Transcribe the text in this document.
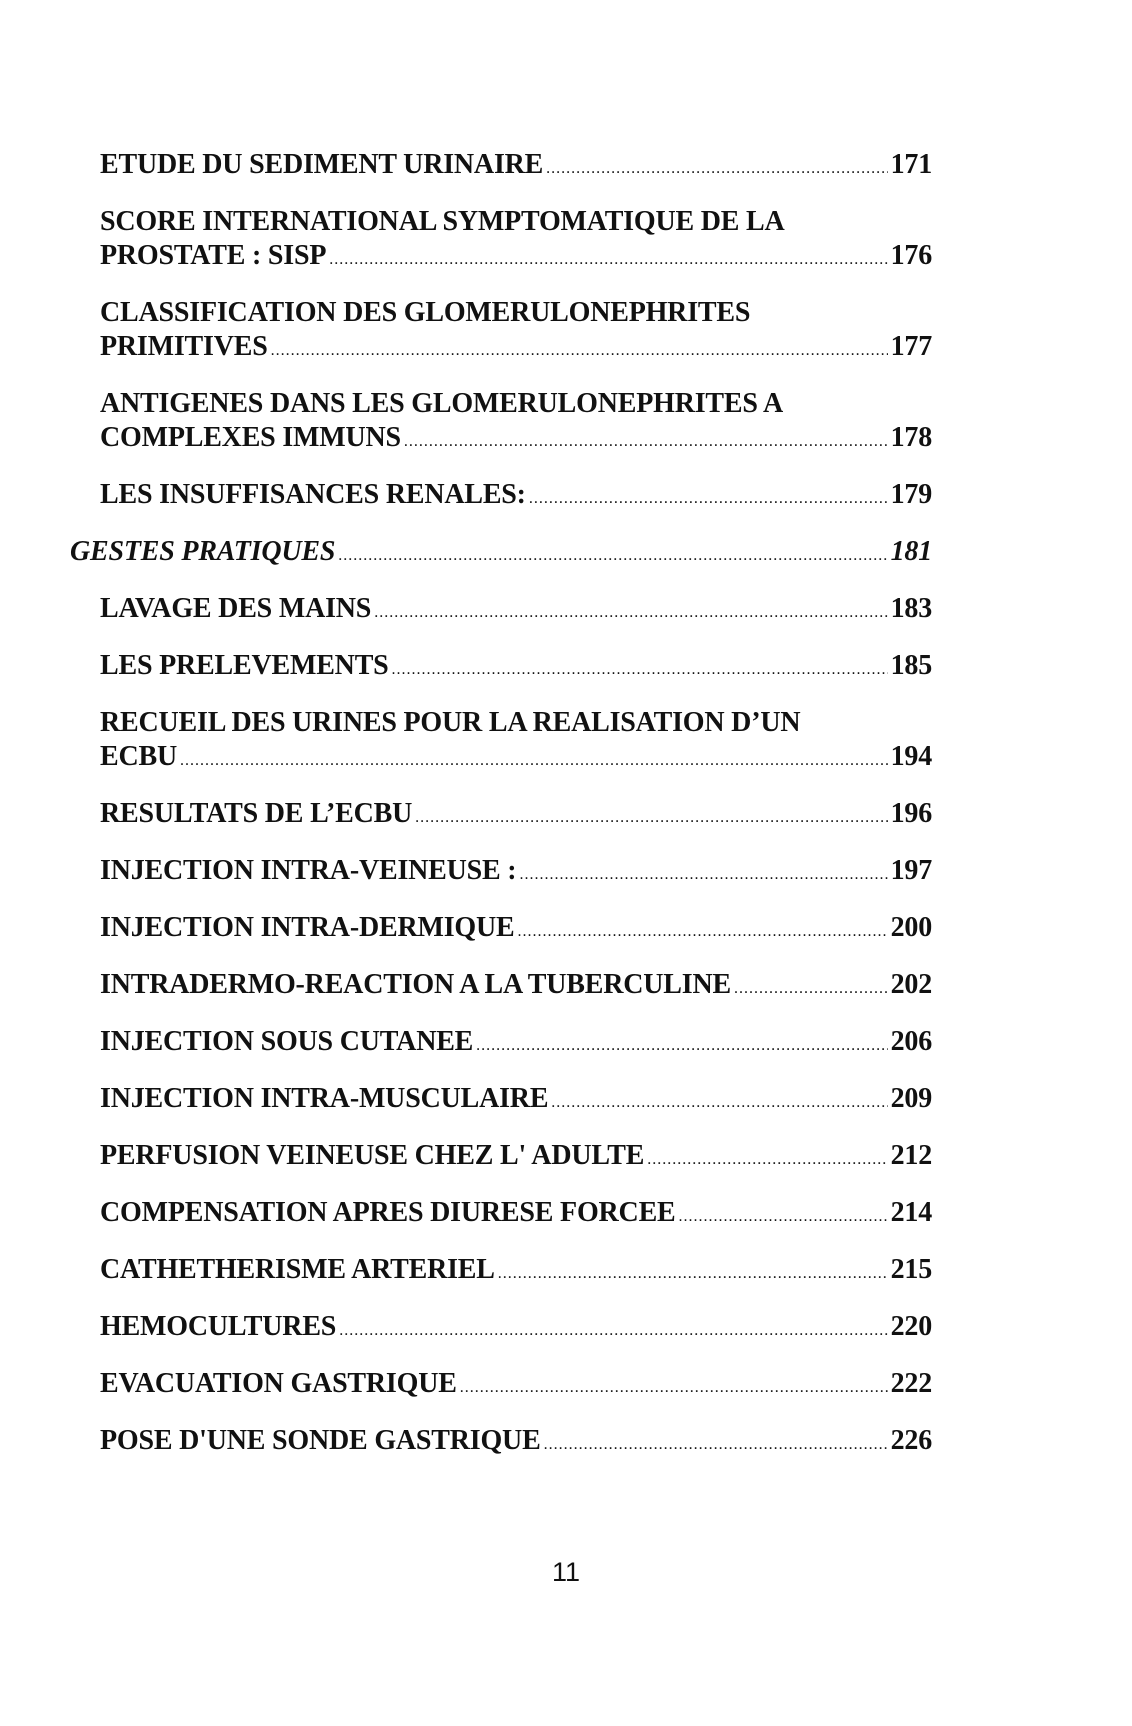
ETUDE DU SEDIMENT URINAIRE .....	171
SCORE INTERNATIONAL SYMPTOMATIQUE DE LA
PROSTATE : SISP .....	176
CLASSIFICATION DES GLOMERULONEPHRITES
PRIMITIVES .....	177
ANTIGENES DANS LES GLOMERULONEPHRITES A
COMPLEXES IMMUNS .....	178
LES INSUFFISANCES RENALES: .....	179
GESTES PRATIQUES .....	181
LAVAGE DES MAINS .....	183
LES PRELEVEMENTS .....	185
RECUEIL DES URINES POUR LA REALISATION D’UN
ECBU .....	194
RESULTATS DE L’ECBU .....	196
INJECTION INTRA-VEINEUSE : .....	197
INJECTION INTRA-DERMIQUE .....	200
INTRADERMO-REACTION A LA TUBERCULINE .....	202
INJECTION SOUS CUTANEE .....	206
INJECTION INTRA-MUSCULAIRE .....	209
PERFUSION VEINEUSE CHEZ L' ADULTE .....	212
COMPENSATION APRES DIURESE FORCEE .....	214
CATHETHERISME ARTERIEL .....	215
HEMOCULTURES .....	220
EVACUATION GASTRIQUE .....	222
POSE D'UNE SONDE GASTRIQUE .....	226
11
